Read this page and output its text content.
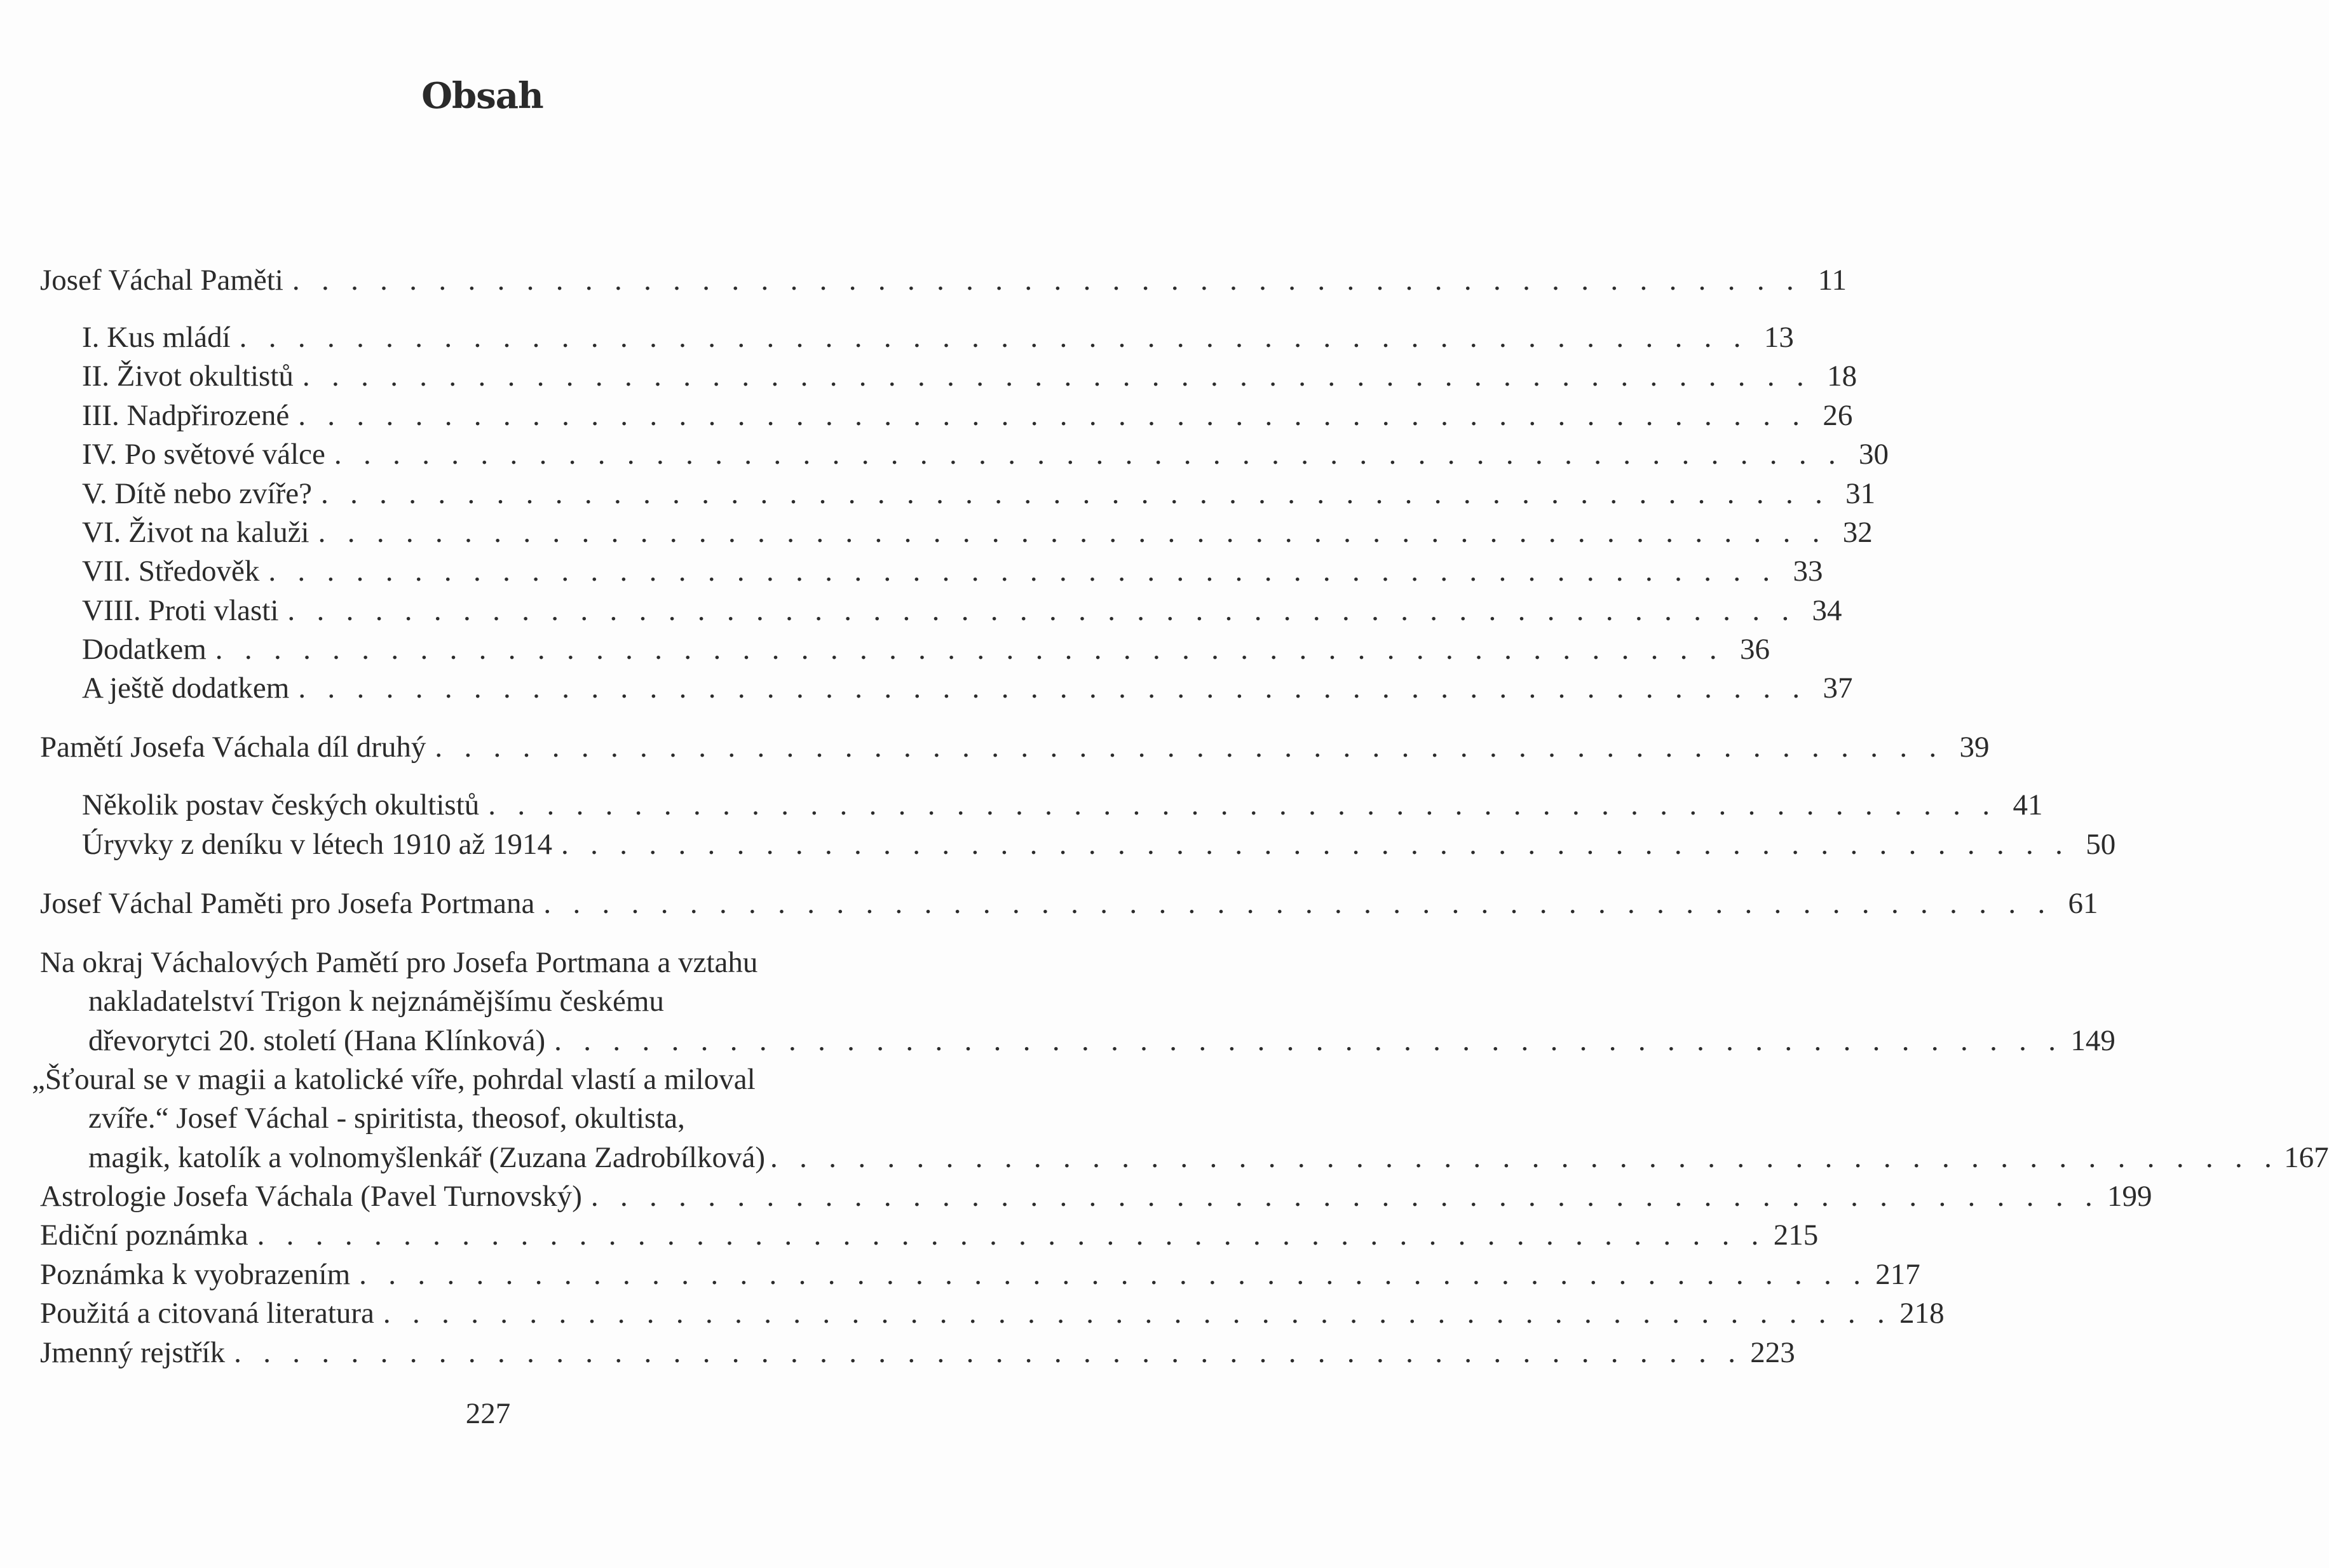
Obsah
Josef Váchal Paměti . . . . . . . . . . . . . . . . . . . . . . . . . . . . . . . . . . . . . . . . . . . . . . . . . . . . 11
I. Kus mládí . . . . . . . . . . . . . . . . . . . . . . . . . . . . . . . . . . . . . . . . . . . . . . . . . . . . 13
II. Život okultistů . . . . . . . . . . . . . . . . . . . . . . . . . . . . . . . . . . . . . . . . . . . . . . . . . . . . 18
III. Nadpřirozené . . . . . . . . . . . . . . . . . . . . . . . . . . . . . . . . . . . . . . . . . . . . . . . . . . . . 26
IV. Po světové válce . . . . . . . . . . . . . . . . . . . . . . . . . . . . . . . . . . . . . . . . . . . . . . . . . . . . 30
V. Dítě nebo zvíře? . . . . . . . . . . . . . . . . . . . . . . . . . . . . . . . . . . . . . . . . . . . . . . . . . . . . 31
VI. Život na kaluži . . . . . . . . . . . . . . . . . . . . . . . . . . . . . . . . . . . . . . . . . . . . . . . . . . . . 32
VII. Středověk . . . . . . . . . . . . . . . . . . . . . . . . . . . . . . . . . . . . . . . . . . . . . . . . . . . . 33
VIII. Proti vlasti . . . . . . . . . . . . . . . . . . . . . . . . . . . . . . . . . . . . . . . . . . . . . . . . . . . . 34
Dodatkem . . . . . . . . . . . . . . . . . . . . . . . . . . . . . . . . . . . . . . . . . . . . . . . . . . . . 36
A ještě dodatkem . . . . . . . . . . . . . . . . . . . . . . . . . . . . . . . . . . . . . . . . . . . . . . . . . . . . 37
Pamětí Josefa Váchala díl druhý . . . . . . . . . . . . . . . . . . . . . . . . . . . . . . . . . . . . . . . . . . . . . . . . . . . . 39
Několik postav českých okultistů . . . . . . . . . . . . . . . . . . . . . . . . . . . . . . . . . . . . . . . . . . . . . . . . . . . . 41
Úryvky z deníku v létech 1910 až 1914 . . . . . . . . . . . . . . . . . . . . . . . . . . . . . . . . . . . . . . . . . . . . . . . . . . . . 50
Josef Váchal Paměti pro Josefa Portmana . . . . . . . . . . . . . . . . . . . . . . . . . . . . . . . . . . . . . . . . . . . . . . . . . . . . 61
Na okraj Váchalových Pamětí pro Josefa Portmana a vztahu
nakladatelství Trigon k nejznámějšímu českému
dřevorytci 20. století (Hana Klínková) . . . . . . . . . . . . . . . . . . . . . . . . . . . . . . . . . . . . . . . . . . . . . . . . . . . . 149
„Šťoural se v magii a katolické víře, pohrdal vlastí a miloval
zvíře.“ Josef Váchal - spiritista, theosof, okultista,
magik, katolík a volnomyšlenkář (Zuzana Zadrobílková) . . . . . . . . . . . . . . . . . . . . . . . . . . . . . . . . . . . . . . . . . . . . . . . . . . . . 167
Astrologie Josefa Váchala (Pavel Turnovský) . . . . . . . . . . . . . . . . . . . . . . . . . . . . . . . . . . . . . . . . . . . . . . . . . . . . 199
Ediční poznámka . . . . . . . . . . . . . . . . . . . . . . . . . . . . . . . . . . . . . . . . . . . . . . . . . . . . 215
Poznámka k vyobrazením . . . . . . . . . . . . . . . . . . . . . . . . . . . . . . . . . . . . . . . . . . . . . . . . . . . . 217
Použitá a citovaná literatura . . . . . . . . . . . . . . . . . . . . . . . . . . . . . . . . . . . . . . . . . . . . . . . . . . . . 218
Jmenný rejstřík . . . . . . . . . . . . . . . . . . . . . . . . . . . . . . . . . . . . . . . . . . . . . . . . . . . . 223
227
